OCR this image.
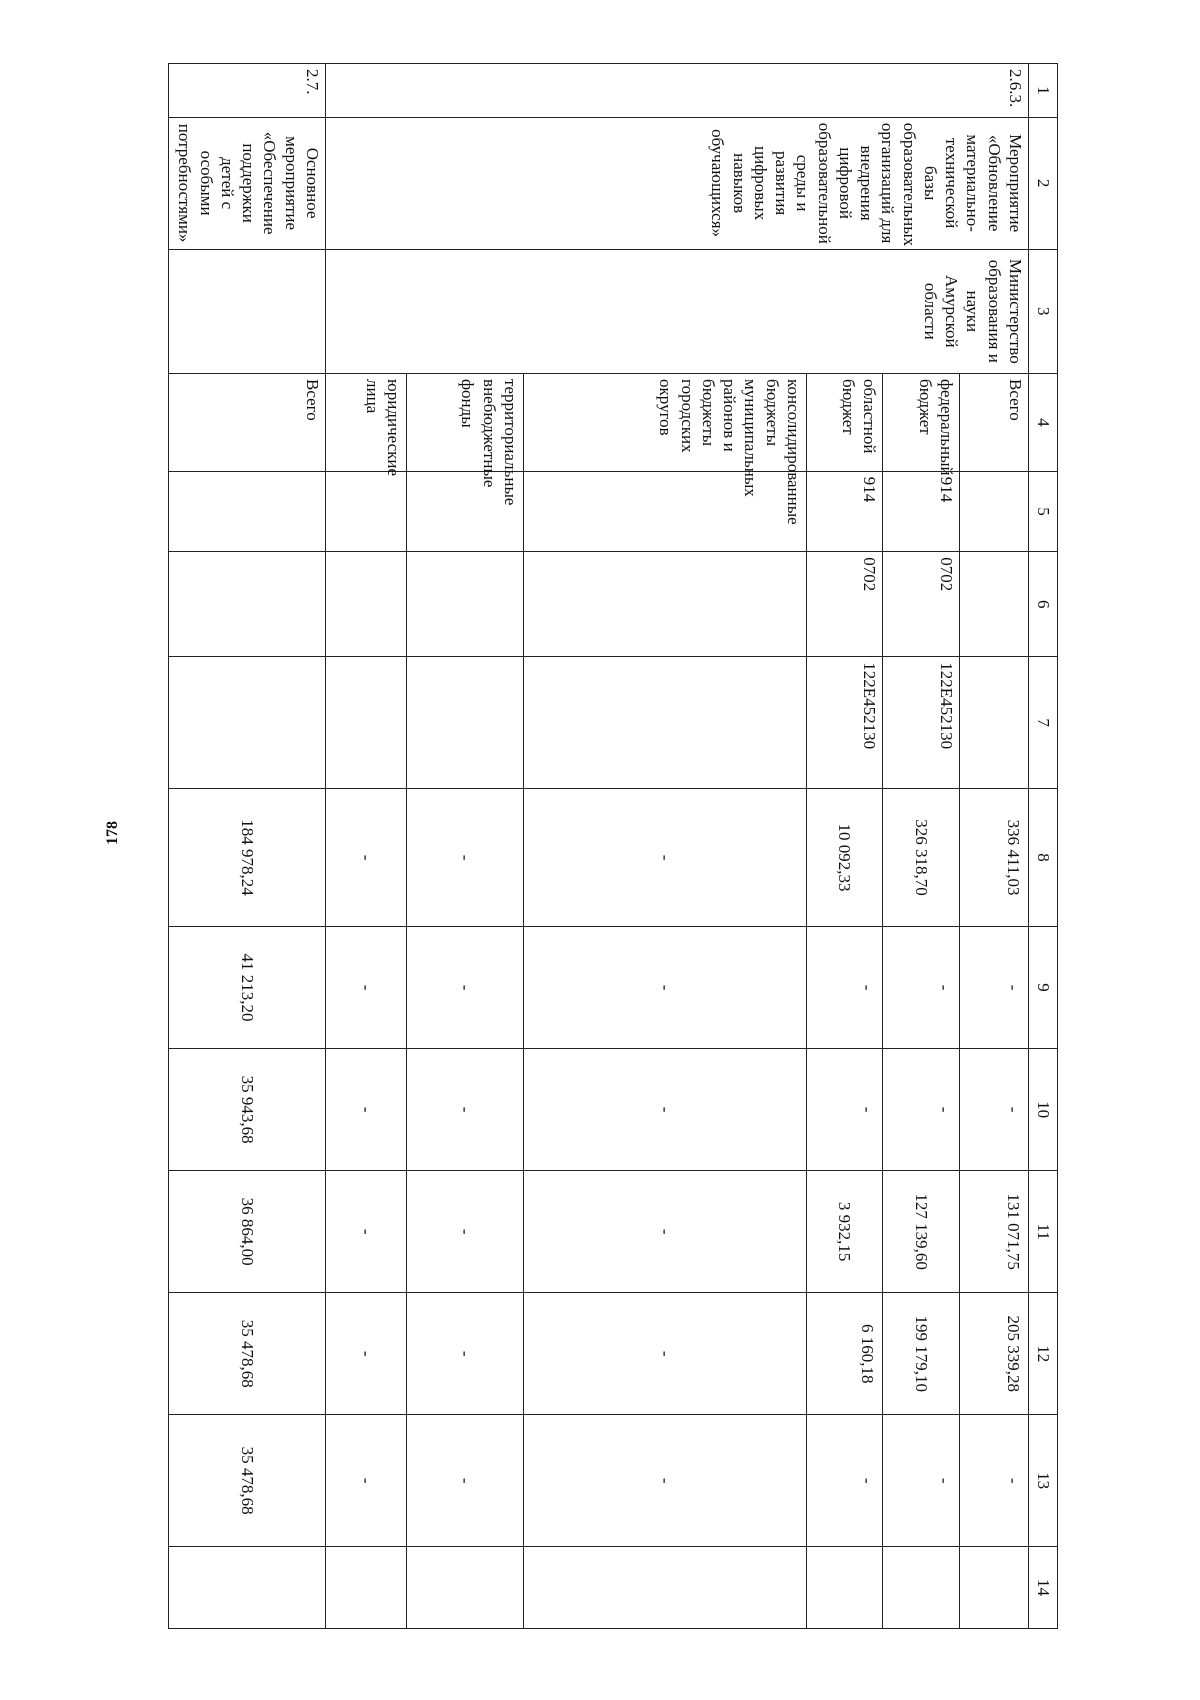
178
1	2	3	4	5	6	7	8	9	10	11	12	13	14
2.6.3.	Мероприятие «Обновление материально-технической базы образовательных организаций для внедрения цифровой образовательной среды и развития цифровых навыков обучающихся»	Министерство образования и науки Амурской области	Всего				336 411,03	-	-	131 071,75	205 339,28	-	
			федеральный бюджет	914	0702	122E452130	326 318,70	-	-	127 139,60	199 179,10	-	
			областной бюджет	914	0702	122E452130	10 092,33	-	-	3 932,15	6 160,18	-	
			консолидированные бюджеты муниципальных районов и бюджеты городских округов				-	-	-	-	-	-	
			территориальные внебюджетные фонды				-	-	-	-	-	-	
			юридические лица				-	-	-	-	-	-	
2.7.	Основное мероприятие «Обеспечение поддержки детей с особыми потребностями»		Всего				184 978,24	41 213,20	35 943,68	36 864,00	35 478,68	35 478,68	
